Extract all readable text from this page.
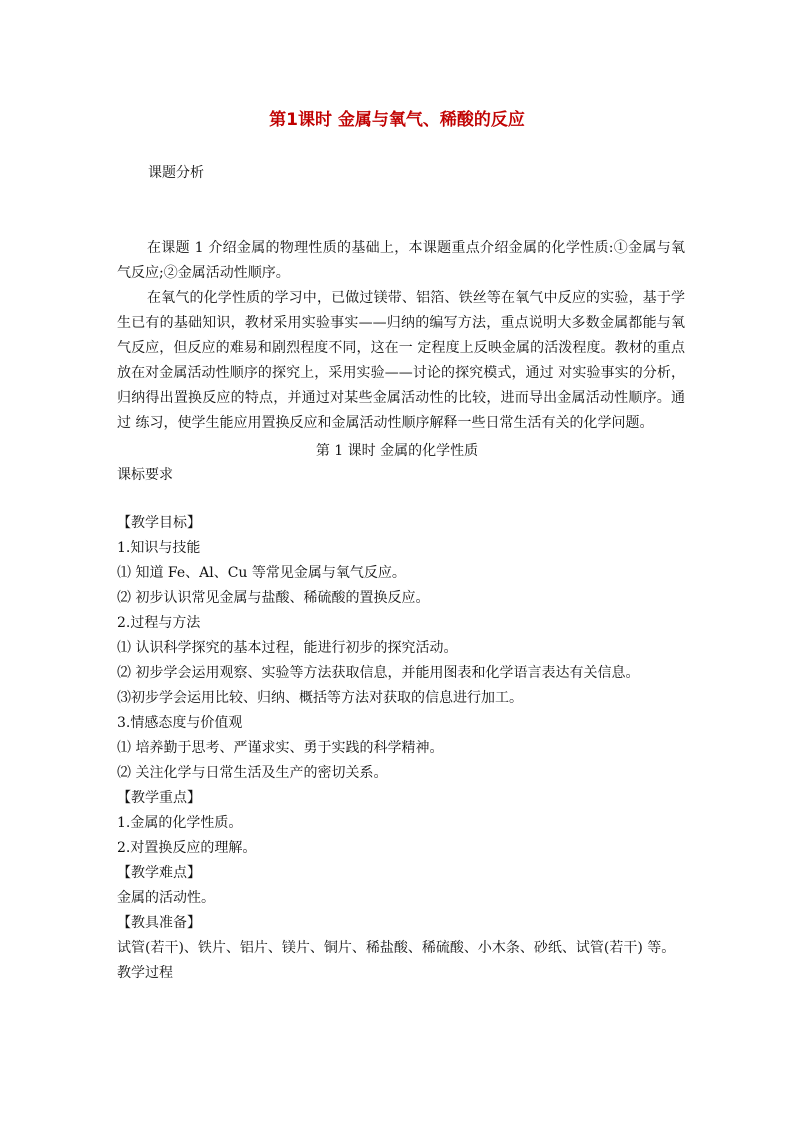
第1课时 金属与氧气、稀酸的反应
课题分析

在课题 1 介绍金属的物理性质的基础上，本课题重点介绍金属的化学性质:①金属与氧气反应;②金属活动性顺序。

在氧气的化学性质的学习中，已做过镁带、铝箔、铁丝等在氧气中反应的实验，基于学生已有的基础知识，教材采用实验事实——归纳的编写方法，重点说明大多数金属都能与氧气反应，但反应的难易和剧烈程度不同，这在一 定程度上反映金属的活泼程度。教材的重点放在对金属活动性顺序的探究上，采用实验——讨论的探究模式，通过 对实验事实的分析，归纳得出置换反应的特点，并通过对某些金属活动性的比较，进而导出金属活动性顺序。通过 练习，使学生能应用置换反应和金属活动性顺序解释一些日常生活有关的化学问题。

第 1 课时 金属的化学性质
课标要求
【教学目标】
1.知识与技能
⑴ 知道 Fe、Al、Cu 等常见金属与氧气反应。
⑵ 初步认识常见金属与盐酸、稀硫酸的置换反应。
2.过程与方法
⑴ 认识科学探究的基本过程，能进行初步的探究活动。
⑵ 初步学会运用观察、实验等方法获取信息，并能用图表和化学语言表达有关信息。
⑶初步学会运用比较、归纳、概括等方法对获取的信息进行加工。
3.情感态度与价值观
⑴ 培养勤于思考、严谨求实、勇于实践的科学精神。
⑵ 关注化学与日常生活及生产的密切关系。
【教学重点】
1.金属的化学性质。
2.对置换反应的理解。
【教学难点】
金属的活动性。
【教具准备】
试管(若干)、铁片、铝片、镁片、铜片、稀盐酸、稀硫酸、小木条、砂纸、试管(若干) 等。
教学过程
